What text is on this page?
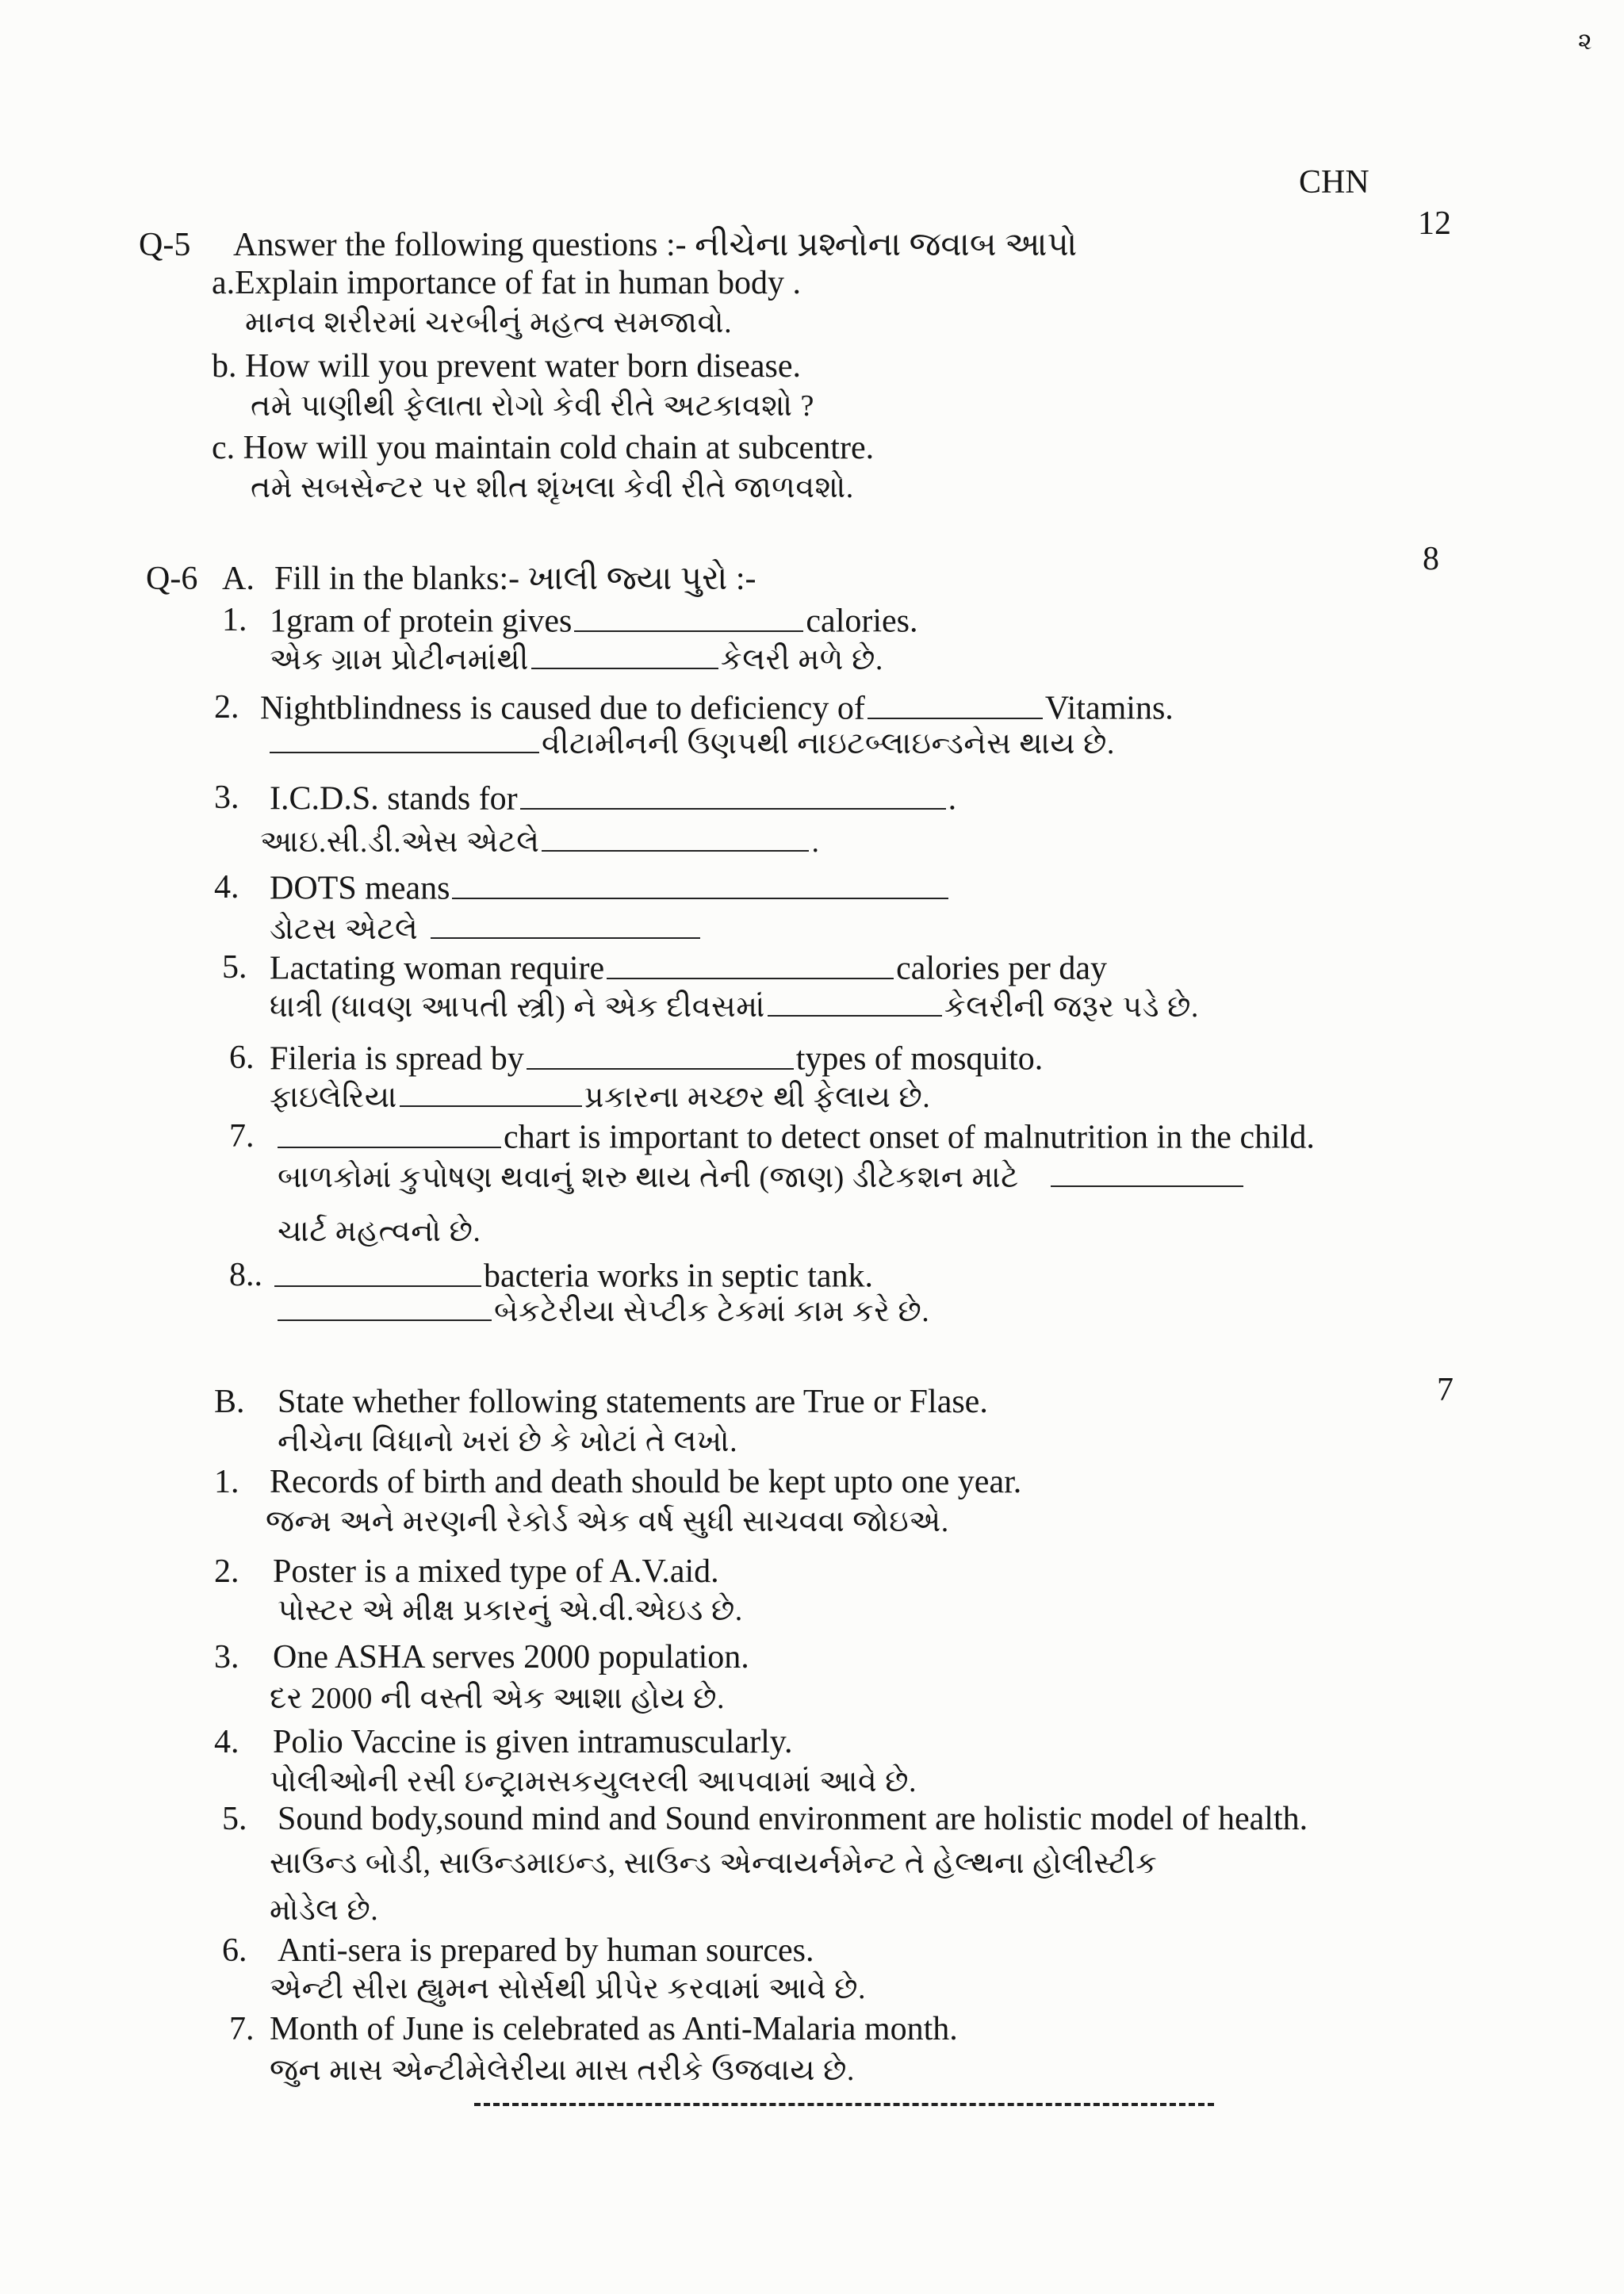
૨
CHN
Q-5 Answer the following questions :- નીચેના પ્રશ્નોના જવાબ આપો
12
a.Explain importance of fat in human body .
માનવ શરીરમાં ચરબીનું મહત્વ સમજાવો.
b. How will you prevent water born disease.
તમે પાણીથી ફેલાતા રોગો કેવી રીતે અટકાવશો ?
c. How will you maintain cold chain at subcentre.
તમે સબસેન્ટર પર શીત શૃંખલા કેવી રીતે જાળવશો.
Q-6 A. Fill in the blanks:- ખાલી જ્યા પુરો :-
8
1. 1gram of protein gives	calories.
એક ગ્રામ પ્રોટીનમાંથી	કેલરી મળે છે.
2. Nightblindness is caused due to deficiency of	Vitamins.
વીટામીનની ઉણપથી નાઇટબ્લાઇન્ડનેસ થાય છે.
3. I.C.D.S. stands for	.
આઇ.સી.ડી.એસ એટલે	.
4. DOTS means
ડોટસ એટલે
5. Lactating woman require	calories per day
ધાત્રી (ધાવણ આપતી સ્ત્રી) ને એક દીવસમાં	કેલરીની જરૂર પડે છે.
6. Fileria is spread by	types of mosquito.
ફાઇલેરિયા	પ્રકારના મચ્છર થી ફેલાય છે.
7.	chart is important to detect onset of malnutrition in the child.
બાળકોમાં કુપોષણ થવાનું શરુ થાય તેની (જાણ) ડીટેકશન માટે
ચાર્ટ મહત્વનો છે.
8..	bacteria works in septic tank.
બેકટેરીયા સેપ્ટીક ટેકમાં કામ કરે છે.
B. State whether following statements are True or Flase.	7
નીચેના વિધાનો ખરાં છે કે ખોટાં તે લખો.
1. Records of birth and death should be kept upto one year.
જન્મ અને મરણની રેકોર્ડ એક વર્ષ સુધી સાચવવા જોઇએ.
2. Poster is a mixed type of A.V.aid.
પોસ્ટર એ મીક્ષ પ્રકારનું એ.વી.એઇડ છે.
3. One ASHA serves 2000 population.
દર 2000 ની વસ્તી એક આશા હોય છે.
4. Polio Vaccine is given intramuscularly.
પોલીઓની રસી ઇન્ટ્રામસકયુલરલી આપવામાં આવે છે.
5. Sound body,sound mind and Sound environment are holistic model of health.
સાઉન્ડ બોડી, સાઉન્ડમાઇન્ડ, સાઉન્ડ એન્વાયર્નમેન્ટ તે હેલ્થના હોલીસ્ટીક
મોડેલ છે.
6. Anti-sera is prepared by human sources.
એન્ટી સીરા હ્યુમન સોર્સથી પ્રીપેર કરવામાં આવે છે.
7. Month of June is celebrated as Anti-Malaria month.
જુન માસ એન્ટીમેલેરીયા માસ તરીકે ઉજવાય છે.
